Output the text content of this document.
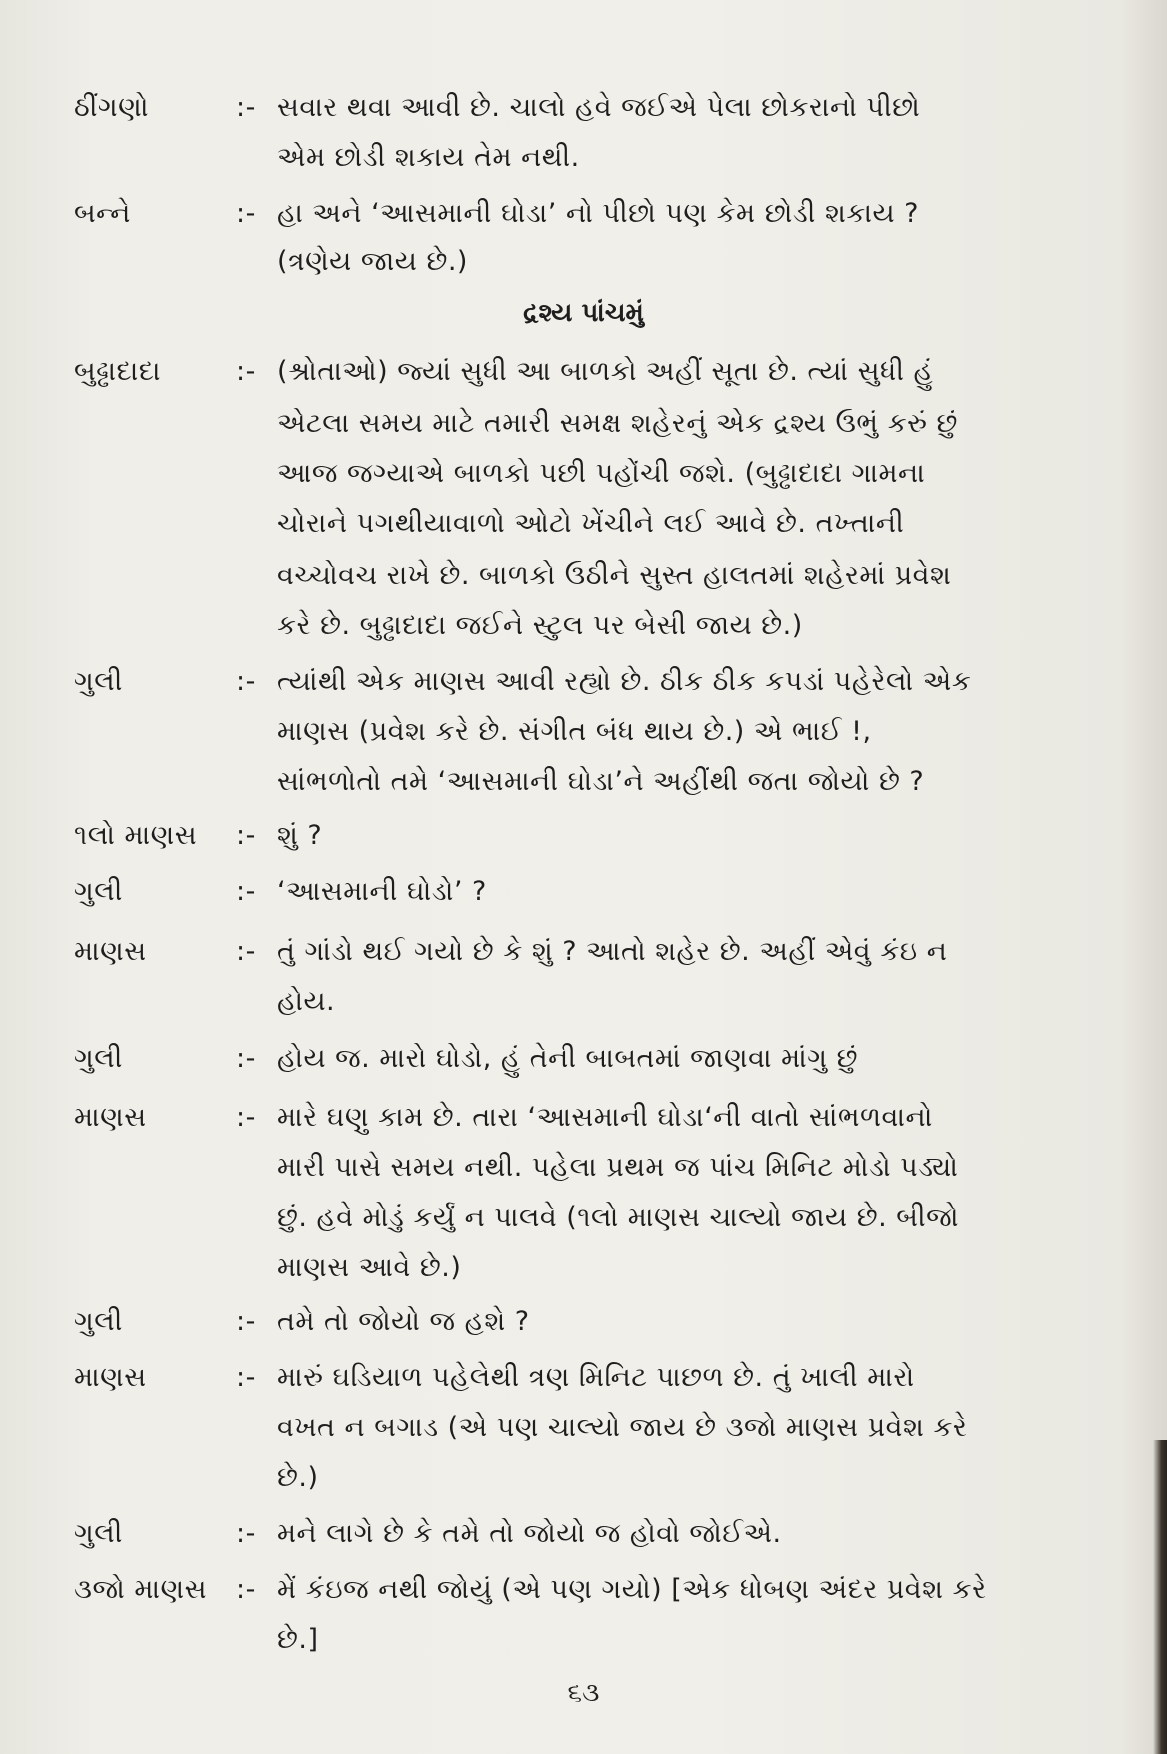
ઠીંગણો	:- સવાર થવા આવી છે. ચાલો હવે જઈએ પેલા છોકરાનો પીછો
એમ છોડી શકાય તેમ નથી.
બન્ને	:- હા અને ‘આસમાની ઘોડા’ નો પીછો પણ કેમ છોડી શકાય ?
(ત્રણેય જાય છે.)
દ્રશ્ય પાંચમું
બુઢ્ઢાદાદા	:- (શ્રોતાઓ) જ્યાં સુધી આ બાળકો અહીં સૂતા છે. ત્યાં સુધી હું
એટલા સમય માટે તમારી સમક્ષ શહેરનું એક દ્રશ્ય ઉભું કરું છું
આજ જગ્યાએ બાળકો પછી પહોંચી જશે. (બુઢ્ઢાદાદા ગામના
ચોરાને પગથીયાવાળો ઓટો ખેંચીને લઈ આવે છે. તખ્તાની
વચ્ચોવચ રાખે છે. બાળકો ઉઠીને સુસ્ત હાલતમાં શહેરમાં પ્રવેશ
કરે છે. બુઢ્ઢાદાદા જઈને સ્ટુલ પર બેસી જાય છે.)
ગુલી	:- ત્યાંથી એક માણસ આવી રહ્યો છે. ઠીક ઠીક કપડાં પહેરેલો એક
માણસ (પ્રવેશ કરે છે. સંગીત બંધ થાય છે.) એ ભાઈ !,
સાંભળોતો તમે ‘આસમાની ઘોડા’ને અહીંથી જતા જોયો છે ?
૧લો માણસ :- શું ?
ગુલી	:- ‘આસમાની ઘોડો’ ?
માણસ	:- તું ગાંડો થઈ ગયો છે કે શું ? આતો શહેર છે. અહીં એવું કંઇ ન
હોય.
ગુલી	:- હોય જ. મારો ઘોડો, હું તેની બાબતમાં જાણવા માંગુ છું
માણસ	:- મારે ઘણુ કામ છે. તારા ‘આસમાની ઘોડા‘ની વાતો સાંભળવાનો
મારી પાસે સમય નથી. પહેલા પ્રથમ જ પાંચ મિનિટ મોડો પડ્યો
છું. હવે મોડું કર્યું ન પાલવે (૧લો માણસ ચાલ્યો જાય છે. બીજો
માણસ આવે છે.)
ગુલી	:- તમે તો જોયો જ હશે ?
માણસ	:- મારું ઘડિયાળ પહેલેથી ત્રણ મિનિટ પાછળ છે. તું ખાલી મારો
વખત ન બગાડ (એ પણ ચાલ્યો જાય છે ૩જો માણસ પ્રવેશ કરે
છે.)
ગુલી	:- મને લાગે છે કે તમે તો જોયો જ હોવો જોઈએ.
૩જો માણસ :- મેં કંઇજ નથી જોયું (એ પણ ગયો) [એક ધોબણ અંદર પ્રવેશ કરે
છે.]
૬૩
